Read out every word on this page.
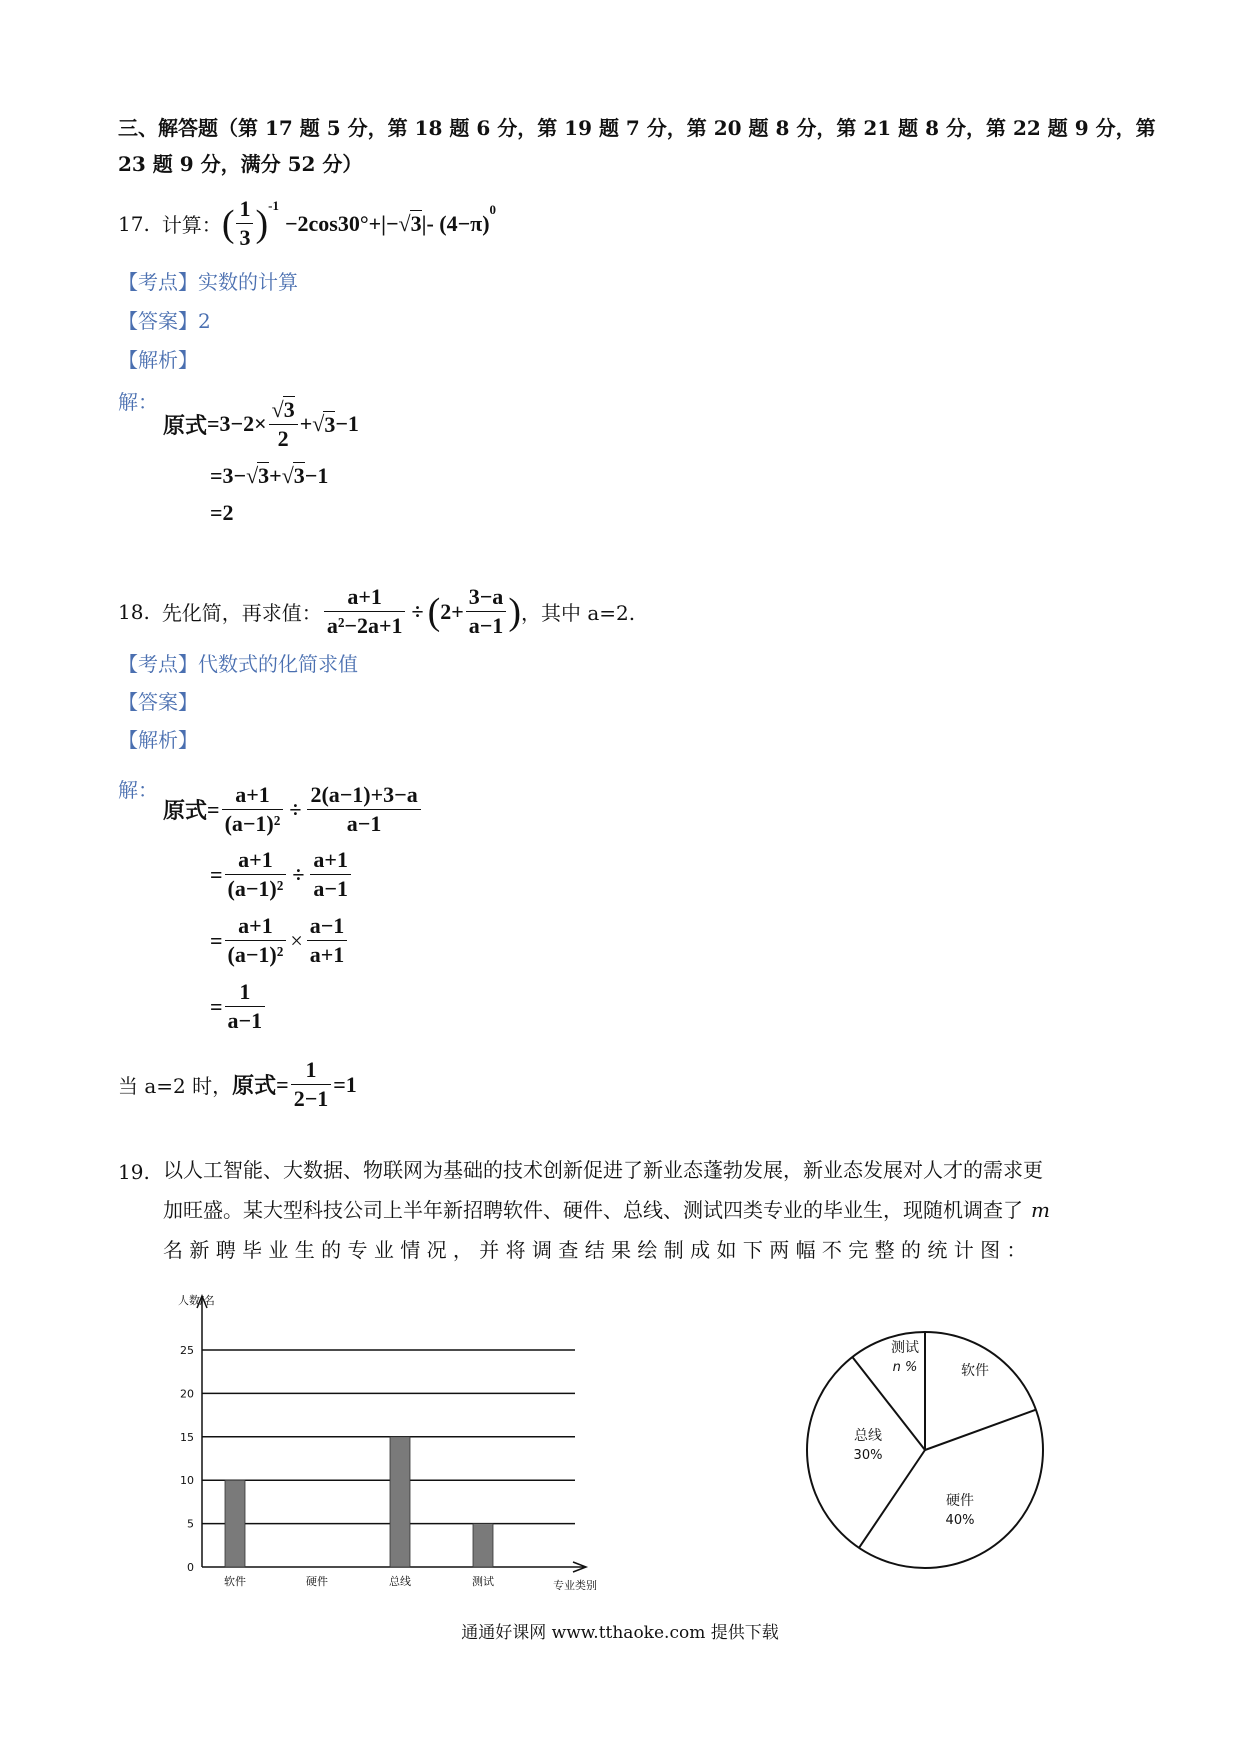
三、解答题（第 17 题 5 分，第 18 题 6 分，第 19 题 7 分，第 20 题 8 分，第 21 题 8 分，第 22 题 9 分，第
23 题 9 分，满分 52 分）
17. 计算： ( $\frac{1}{3}$ ) -1
−2cos30°+|− √ 3 |- (4−π)
0
【考点】实数的计算
【答案】2
【解析】
解：
原式 $=3-2\times \frac{√3}{2}$ + √ 3 −1
=3−√3+√3−1
=2
18. 先化简，再求值： $\frac{a+1}{\text{a²−2a+1}}$ ÷ ( $2+ \frac{3-a}{a-1}$ ) ，其中 a=2.
【考点】代数式的化简求值
【答案】
【解析】
解：
原式 = $\frac{a+1}{\text{(a−1)²}} \div \frac{2(a-1)+3-a}{a-1}$
= $\frac{a+1}{\text{(a−1)²}} \div \frac{a+1}{a-1}$
= $\frac{a+1}{\text{(a−1)²}} \times \frac{a-1}{a+1}$
= $\frac{1}{a-1}$
当 a=2 时， 原式 = $\frac{1}{2-1} =1$
19. 以人工智能、大数据、物联网为基础的技术创新促进了新业态蓬勃发展，新业态发展对人才的需求更
加旺盛。某大型科技公司上半年新招聘软件、硬件、总线、测试四类专业的毕业生，现随机调查了 m
名 新 聘 毕 业 生 的 专 业 情 况 ， 并 将 调 查 结 果 绘 制 成 如 下 两 幅 不 完 整 的 统 计 图 ：
0
5
10
15
20
25
人数/名
专业类别
软件	硬件	总线	测试
软件
硬件
40%
总线
30%
测试
n %
通通好课网 www.tthaoke.com 提供下载
